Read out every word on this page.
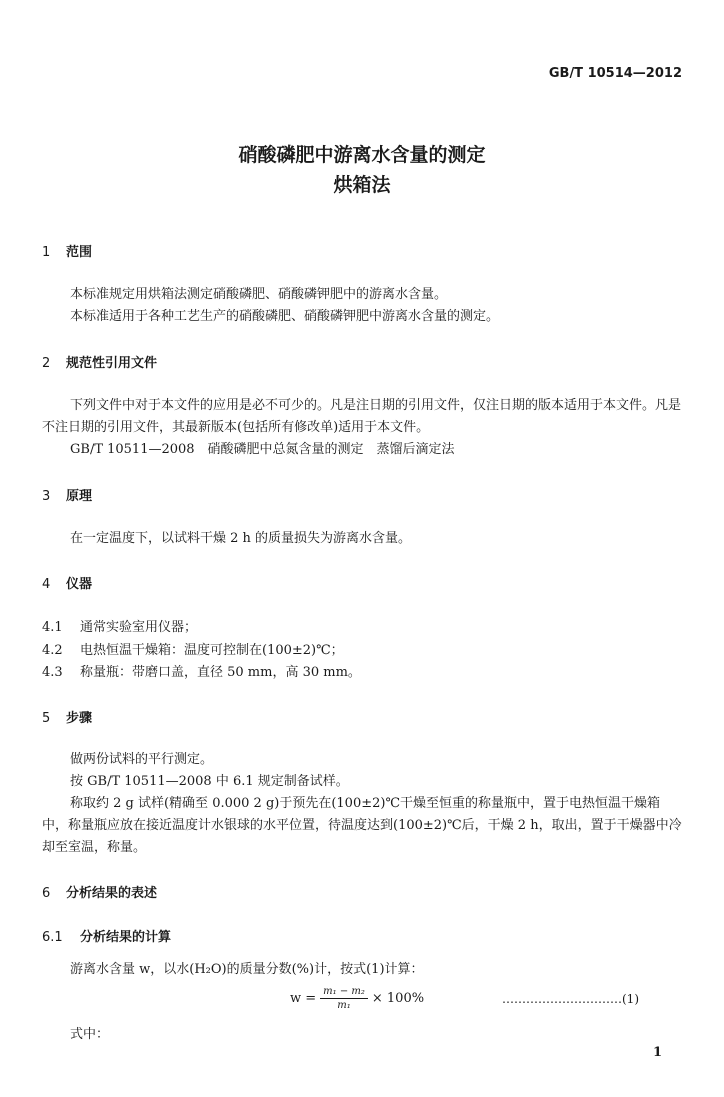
GB/T 10514—2012
硝酸磷肥中游离水含量的测定
烘箱法
1 范围
本标准规定用烘箱法测定硝酸磷肥、硝酸磷钾肥中的游离水含量。
本标准适用于各种工艺生产的硝酸磷肥、硝酸磷钾肥中游离水含量的测定。
2 规范性引用文件
下列文件中对于本文件的应用是必不可少的。凡是注日期的引用文件，仅注日期的版本适用于本文件。凡是不注日期的引用文件，其最新版本(包括所有修改单)适用于本文件。
GB/T 10511—2008　硝酸磷肥中总氮含量的测定　蒸馏后滴定法
3 原理
在一定温度下，以试料干燥 2 h 的质量损失为游离水含量。
4 仪器
4.1 通常实验室用仪器；
4.2 电热恒温干燥箱：温度可控制在(100±2)℃；
4.3 称量瓶：带磨口盖，直径 50 mm，高 30 mm。
5 步骤
做两份试料的平行测定。
按 GB/T 10511—2008 中 6.1 规定制备试样。
称取约 2 g 试样(精确至 0.000 2 g)于预先在(100±2)℃干燥至恒重的称量瓶中，置于电热恒温干燥箱中，称量瓶应放在接近温度计水银球的水平位置，待温度达到(100±2)℃后，干燥 2 h，取出，置于干燥器中冷却至室温，称量。
6 分析结果的表述
6.1 分析结果的计算
游离水含量 w，以水(H₂O)的质量分数(%)计，按式(1)计算：
$w = \frac{\text{m₁ − m₂}}{\text{m₁}} \times 100\%$	…………………………(1)
式中：
1
